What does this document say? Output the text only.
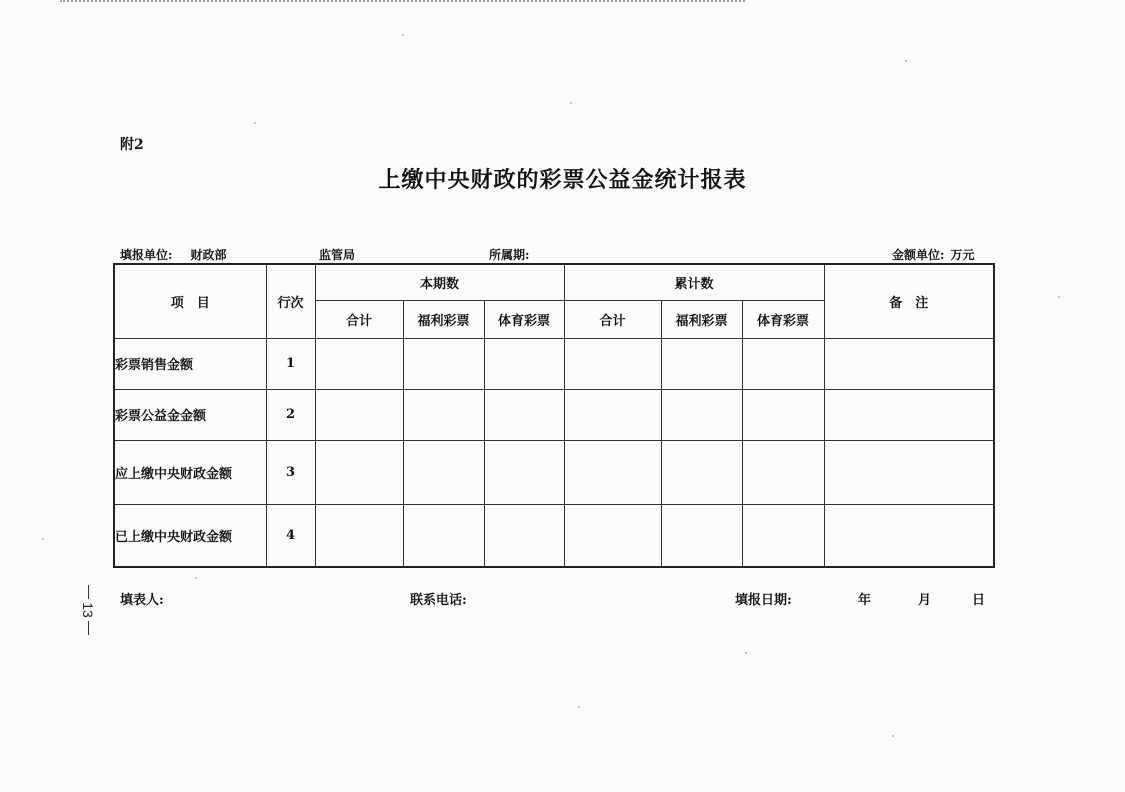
附2
上缴中央财政的彩票公益金统计报表
填报单位: 财政部	监管局	所属期:	金额单位: 万元
项　目	行次	本期数			累计数			备　注
		合计	福利彩票	体育彩票	合计	福利彩票	体育彩票	
彩票销售金额	1							
彩票公益金金额	2							
应上缴中央财政金额	3							
已上缴中央财政金额	4							
填表人:	联系电话:	填报日期:	年	月	日
13
